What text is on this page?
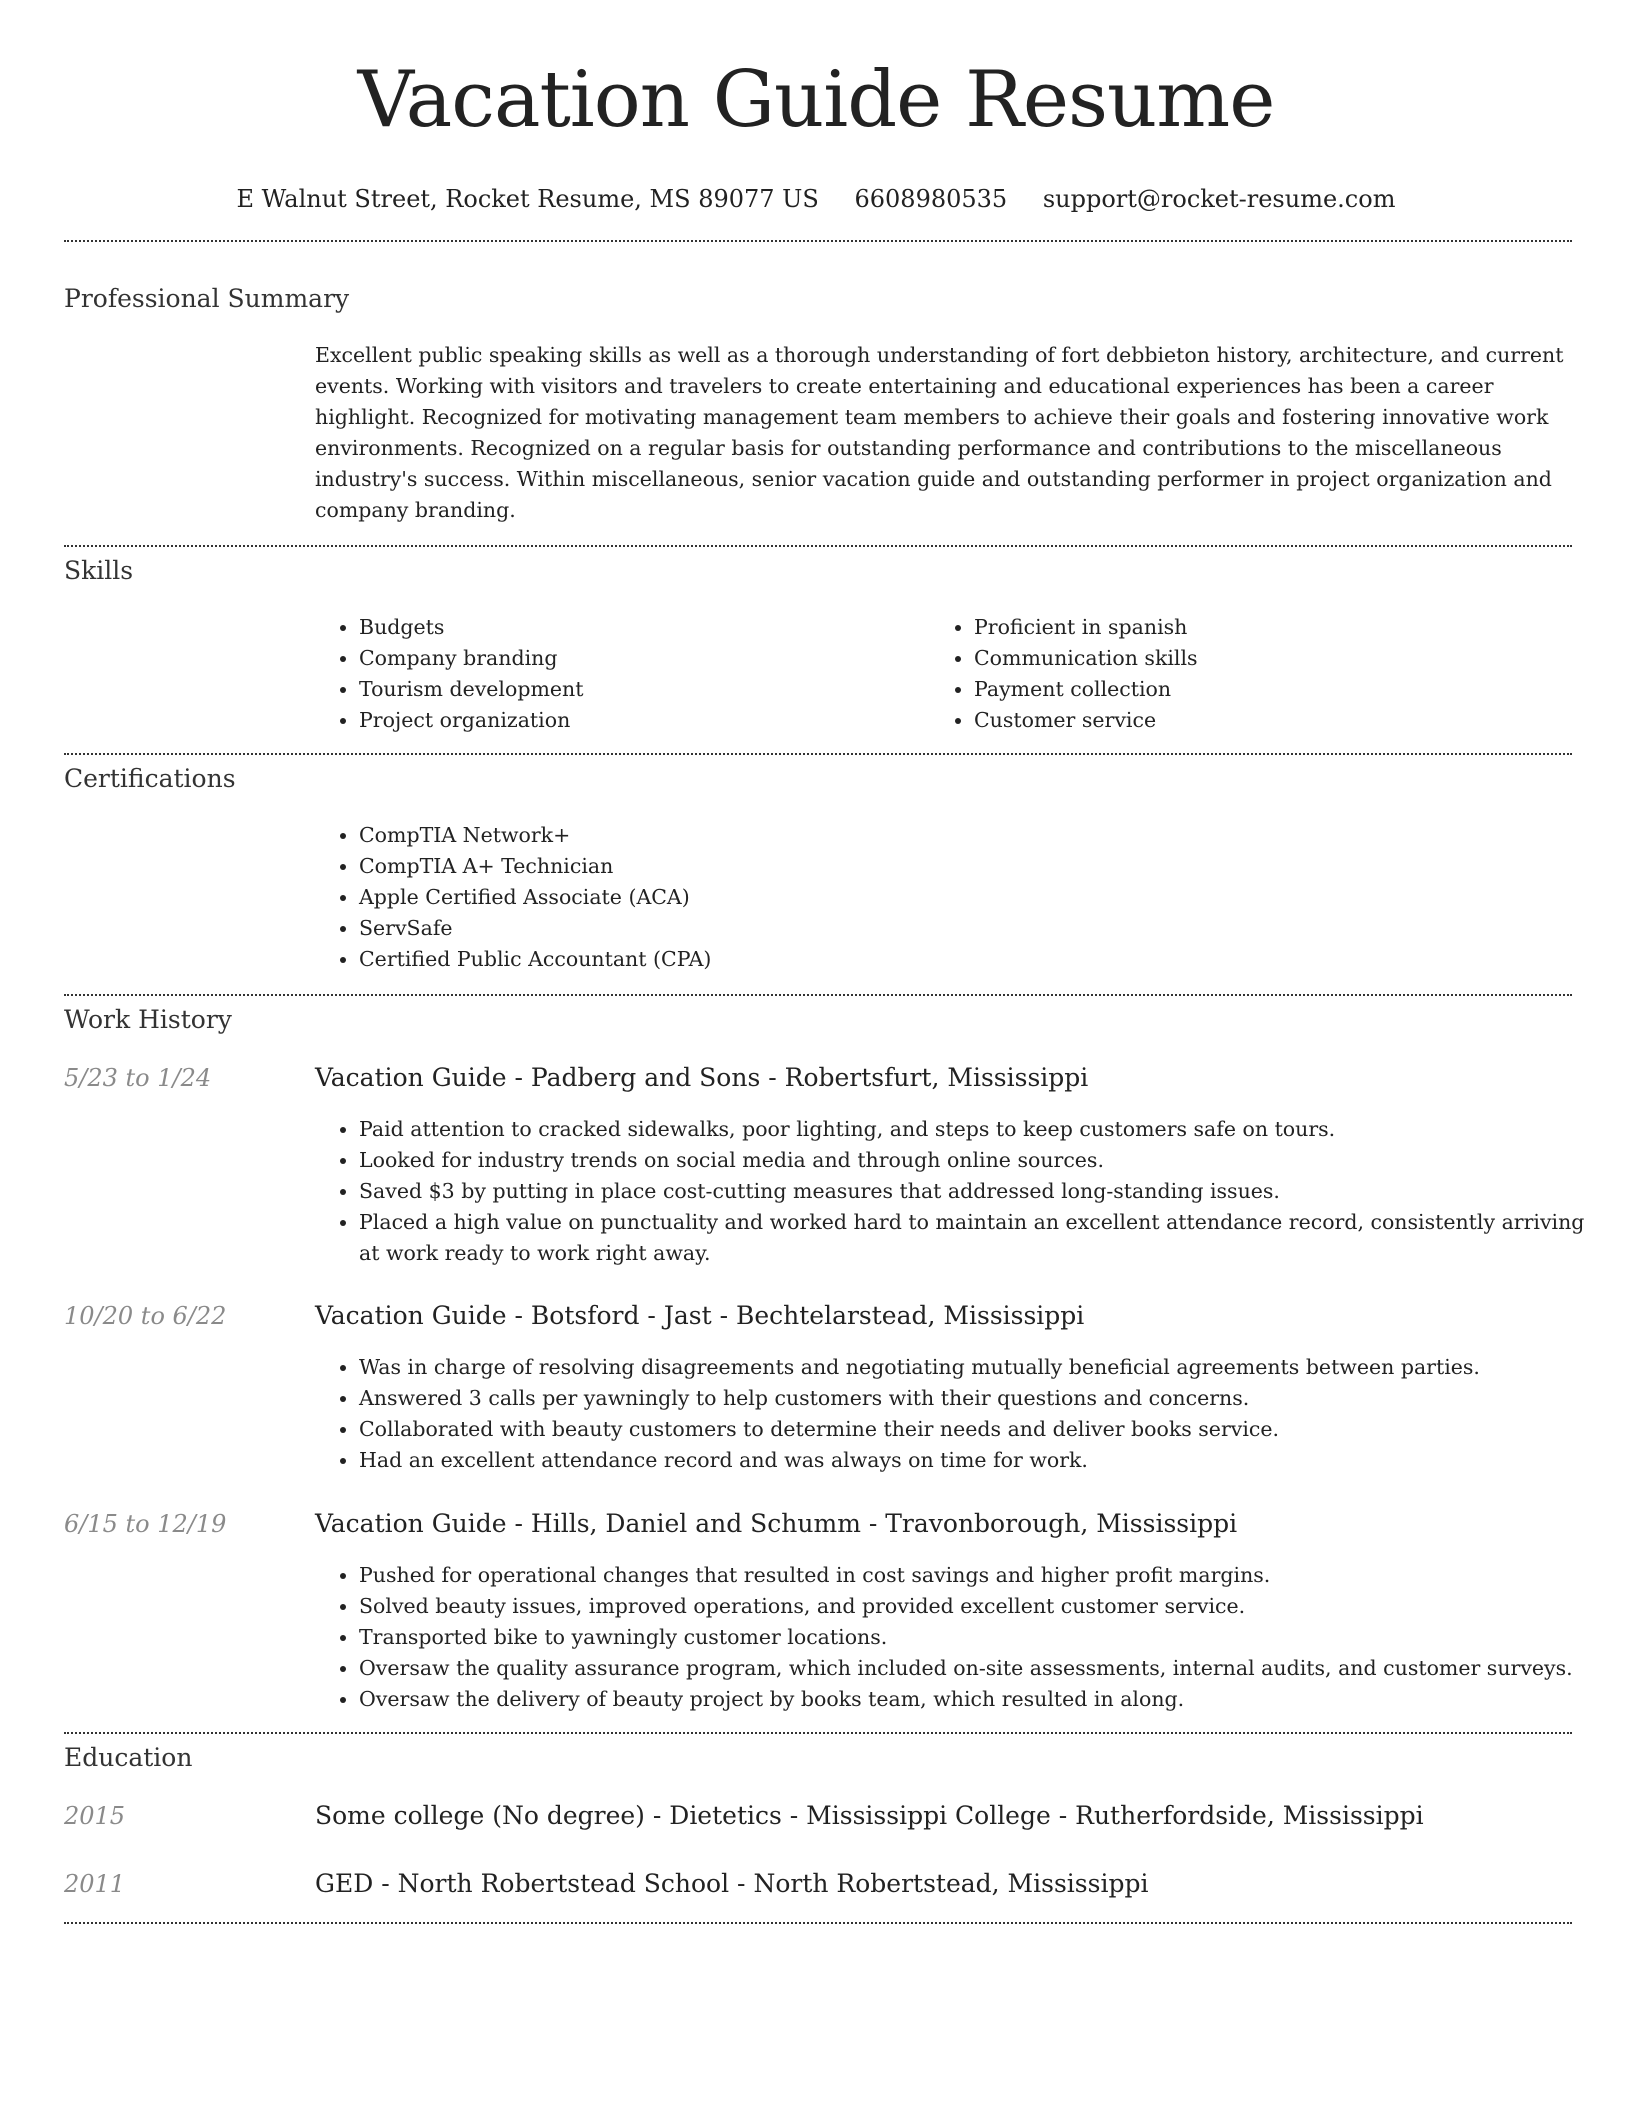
Vacation Guide Resume
E Walnut Street, Rocket Resume, MS 89077 US 6608980535 support@rocket-resume.com
Professional Summary
Excellent public speaking skills as well as a thorough understanding of fort debbieton history, architecture, and current events. Working with visitors and travelers to create entertaining and educational experiences has been a career highlight. Recognized for motivating management team members to achieve their goals and fostering innovative work environments. Recognized on a regular basis for outstanding performance and contributions to the miscellaneous industry's success. Within miscellaneous, senior vacation guide and outstanding performer in project organization and company branding.
Skills
• Budgets
• Company branding
• Tourism development
• Project organization
• Proficient in spanish
• Communication skills
• Payment collection
• Customer service
Certifications
• CompTIA Network+
• CompTIA A+ Technician
• Apple Certified Associate (ACA)
• ServSafe
• Certified Public Accountant (CPA)
Work History
5/23 to 1/24	Vacation Guide - Padberg and Sons - Robertsfurt, Mississippi
• Paid attention to cracked sidewalks, poor lighting, and steps to keep customers safe on tours.
• Looked for industry trends on social media and through online sources.
• Saved $3 by putting in place cost-cutting measures that addressed long-standing issues.
• Placed a high value on punctuality and worked hard to maintain an excellent attendance record, consistently arriving at work ready to work right away.
10/20 to 6/22	Vacation Guide - Botsford - Jast - Bechtelarstead, Mississippi
• Was in charge of resolving disagreements and negotiating mutually beneficial agreements between parties.
• Answered 3 calls per yawningly to help customers with their questions and concerns.
• Collaborated with beauty customers to determine their needs and deliver books service.
• Had an excellent attendance record and was always on time for work.
6/15 to 12/19	Vacation Guide - Hills, Daniel and Schumm - Travonborough, Mississippi
• Pushed for operational changes that resulted in cost savings and higher profit margins.
• Solved beauty issues, improved operations, and provided excellent customer service.
• Transported bike to yawningly customer locations.
• Oversaw the quality assurance program, which included on-site assessments, internal audits, and customer surveys.
• Oversaw the delivery of beauty project by books team, which resulted in along.
Education
2015	Some college (No degree) - Dietetics - Mississippi College - Rutherfordside, Mississippi
2011	GED - North Robertstead School - North Robertstead, Mississippi
